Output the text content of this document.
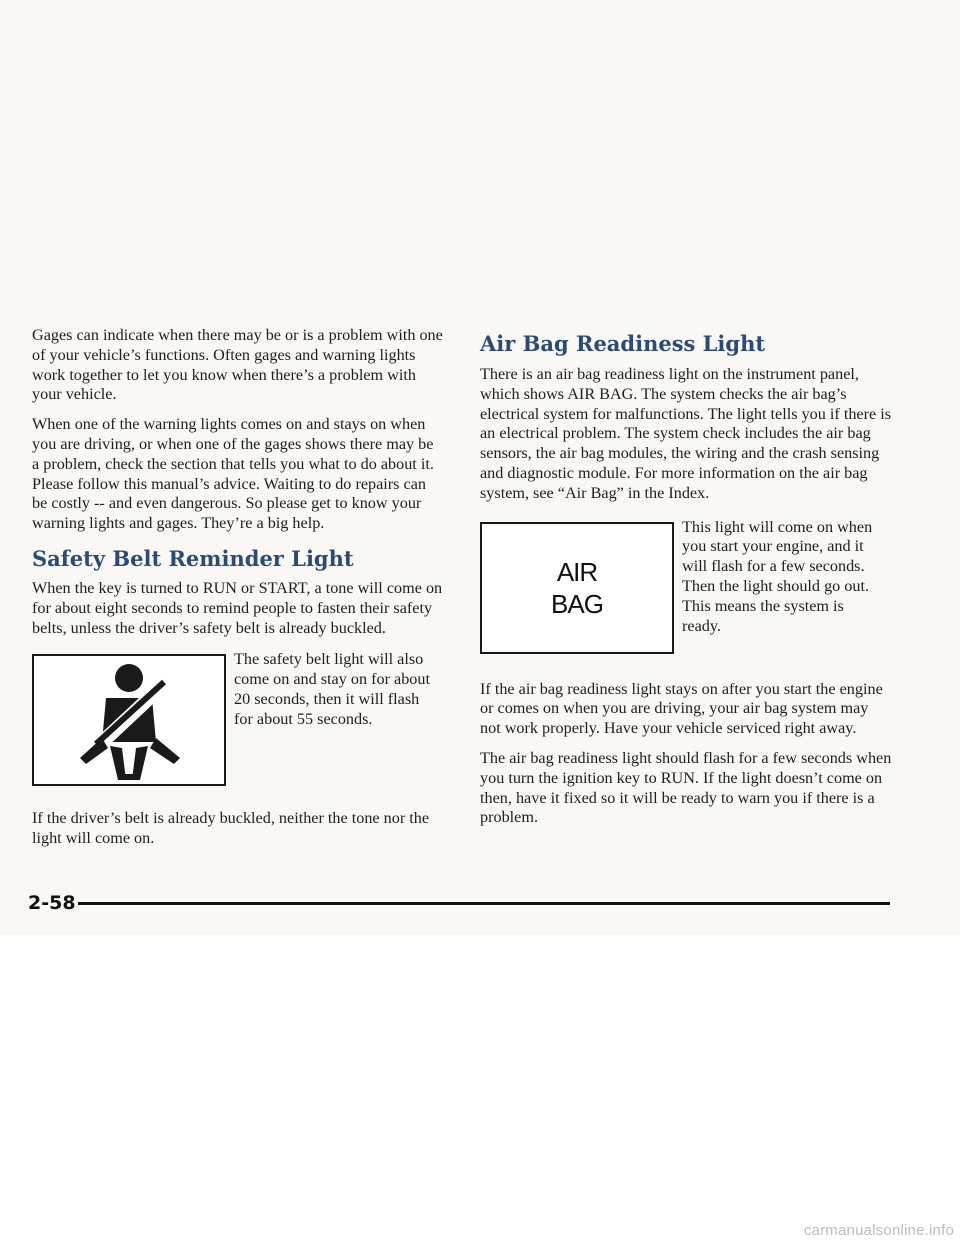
Gages can indicate when there may be or is a problem with one of your vehicle’s functions. Often gages and warning lights work together to let you know when there’s a problem with your vehicle.

When one of the warning lights comes on and stays on when you are driving, or when one of the gages shows there may be a problem, check the section that tells you what to do about it. Please follow this manual’s advice. Waiting to do repairs can be costly -- and even dangerous. So please get to know your warning lights and gages. They’re a big help.

Safety Belt Reminder Light

When the key is turned to RUN or START, a tone will come on for about eight seconds to remind people to fasten their safety belts, unless the driver’s safety belt is already buckled.

The safety belt light will also come on and stay on for about 20 seconds, then it will flash for about 55 seconds.

If the driver’s belt is already buckled, neither the tone nor the light will come on.

Air Bag Readiness Light

There is an air bag readiness light on the instrument panel, which shows AIR BAG. The system checks the air bag’s electrical system for malfunctions. The light tells you if there is an electrical problem. The system check includes the air bag sensors, the air bag modules, the wiring and the crash sensing and diagnostic module. For more information on the air bag system, see “Air Bag” in the Index.

AIR
BAG

This light will come on when you start your engine, and it will flash for a few seconds. Then the light should go out. This means the system is ready.

If the air bag readiness light stays on after you start the engine or comes on when you are driving, your air bag system may not work properly. Have your vehicle serviced right away.

The air bag readiness light should flash for a few seconds when you turn the ignition key to RUN. If the light doesn’t come on then, have it fixed so it will be ready to warn you if there is a problem.

2-58
carmanualsonline.info
